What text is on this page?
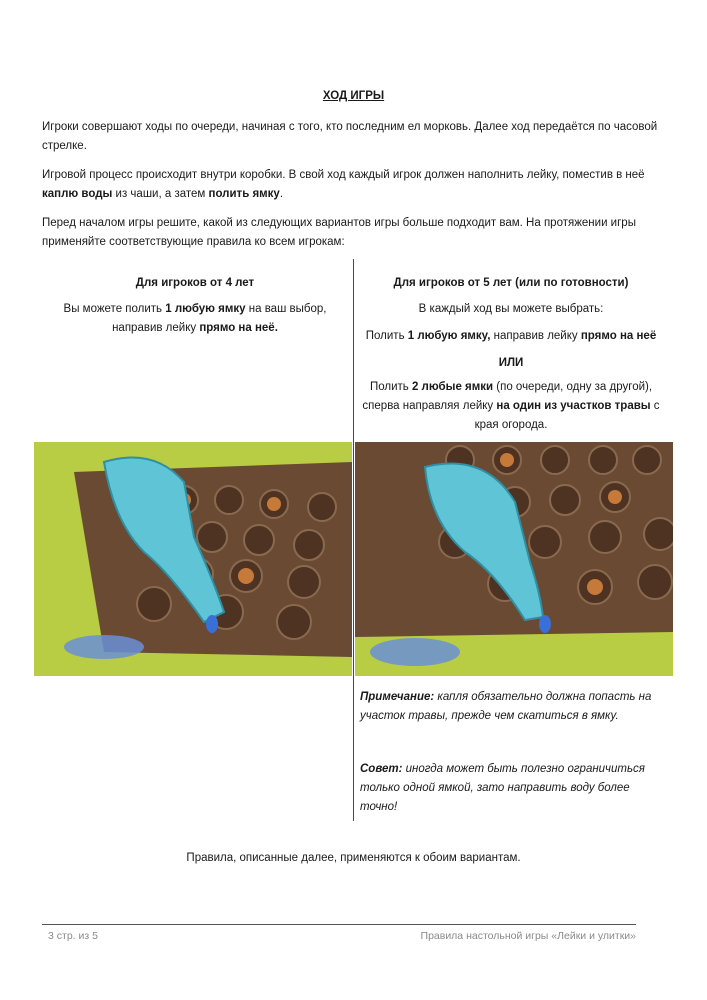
ХОД ИГРЫ

Игроки совершают ходы по очереди, начиная с того, кто последним ел морковь. Далее ход передаётся по часовой стрелке.

Игровой процесс происходит внутри коробки. В свой ход каждый игрок должен наполнить лейку, поместив в неё каплю воды из чаши, а затем полить ямку.

Перед началом игры решите, какой из следующих вариантов игры больше подходит вам. На протяжении игры применяйте соответствующие правила ко всем игрокам:

Для игроков от 4 лет

Вы можете полить 1 любую ямку на ваш выбор, направив лейку прямо на неё.

Для игроков от 5 лет (или по готовности)

В каждый ход вы можете выбрать:

Полить 1 любую ямку, направив лейку прямо на неё

ИЛИ

Полить 2 любые ямки (по очереди, одну за другой), сперва направляя лейку на один из участков травы с края огорода.

Примечание: капля обязательно должна попасть на участок травы, прежде чем скатиться в ямку.

Совет: иногда может быть полезно ограничиться только одной ямкой, зато направить воду более точно!

Правила, описанные далее, применяются к обоим вариантам.
3 стр. из 5	Правила настольной игры «Лейки и улитки»
